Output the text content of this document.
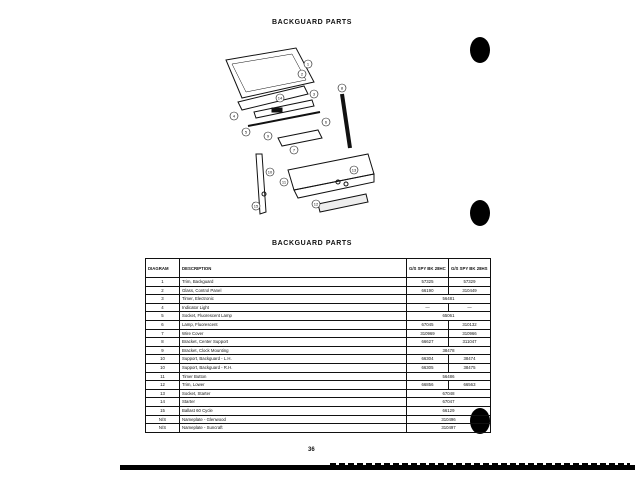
BACKGUARD PARTS
1
2
3
4
5
6
7
8
9
10
11
12
13
14
15
BACKGUARD PARTS
DIAGRAM	DESCRIPTION	G/S SPY BK 28HC	G/S SPY BK 28HS
1	Trim, Backguard	57325	57329
2	Glass, Control Panel	66190	310449
3	Timer, Electronic	56481	
4	Indicator Light	—	—
5	Socket, Fluorescent Lamp	65061	
6	Lamp, Fluorescent	67045	310132
7	Wire Cover	310969	310966
8	Bracket, Center Support	66627	311047
9	Bracket, Clock Mounting	38478	
10	Support, Backguard - L.H.	66304	38474
10	Support, Backguard - R.H.	66305	38475
11	Timer Button	56486	
12	Trim, Lower	66856	66563
13	Socket, Starter	67048	
14	Starter	67047	
15	Ballast 60 Cycle	66129	
N/S	Nameplate - Glenwood	310496	
N/S	Nameplate - Suncraft	310497	
36
